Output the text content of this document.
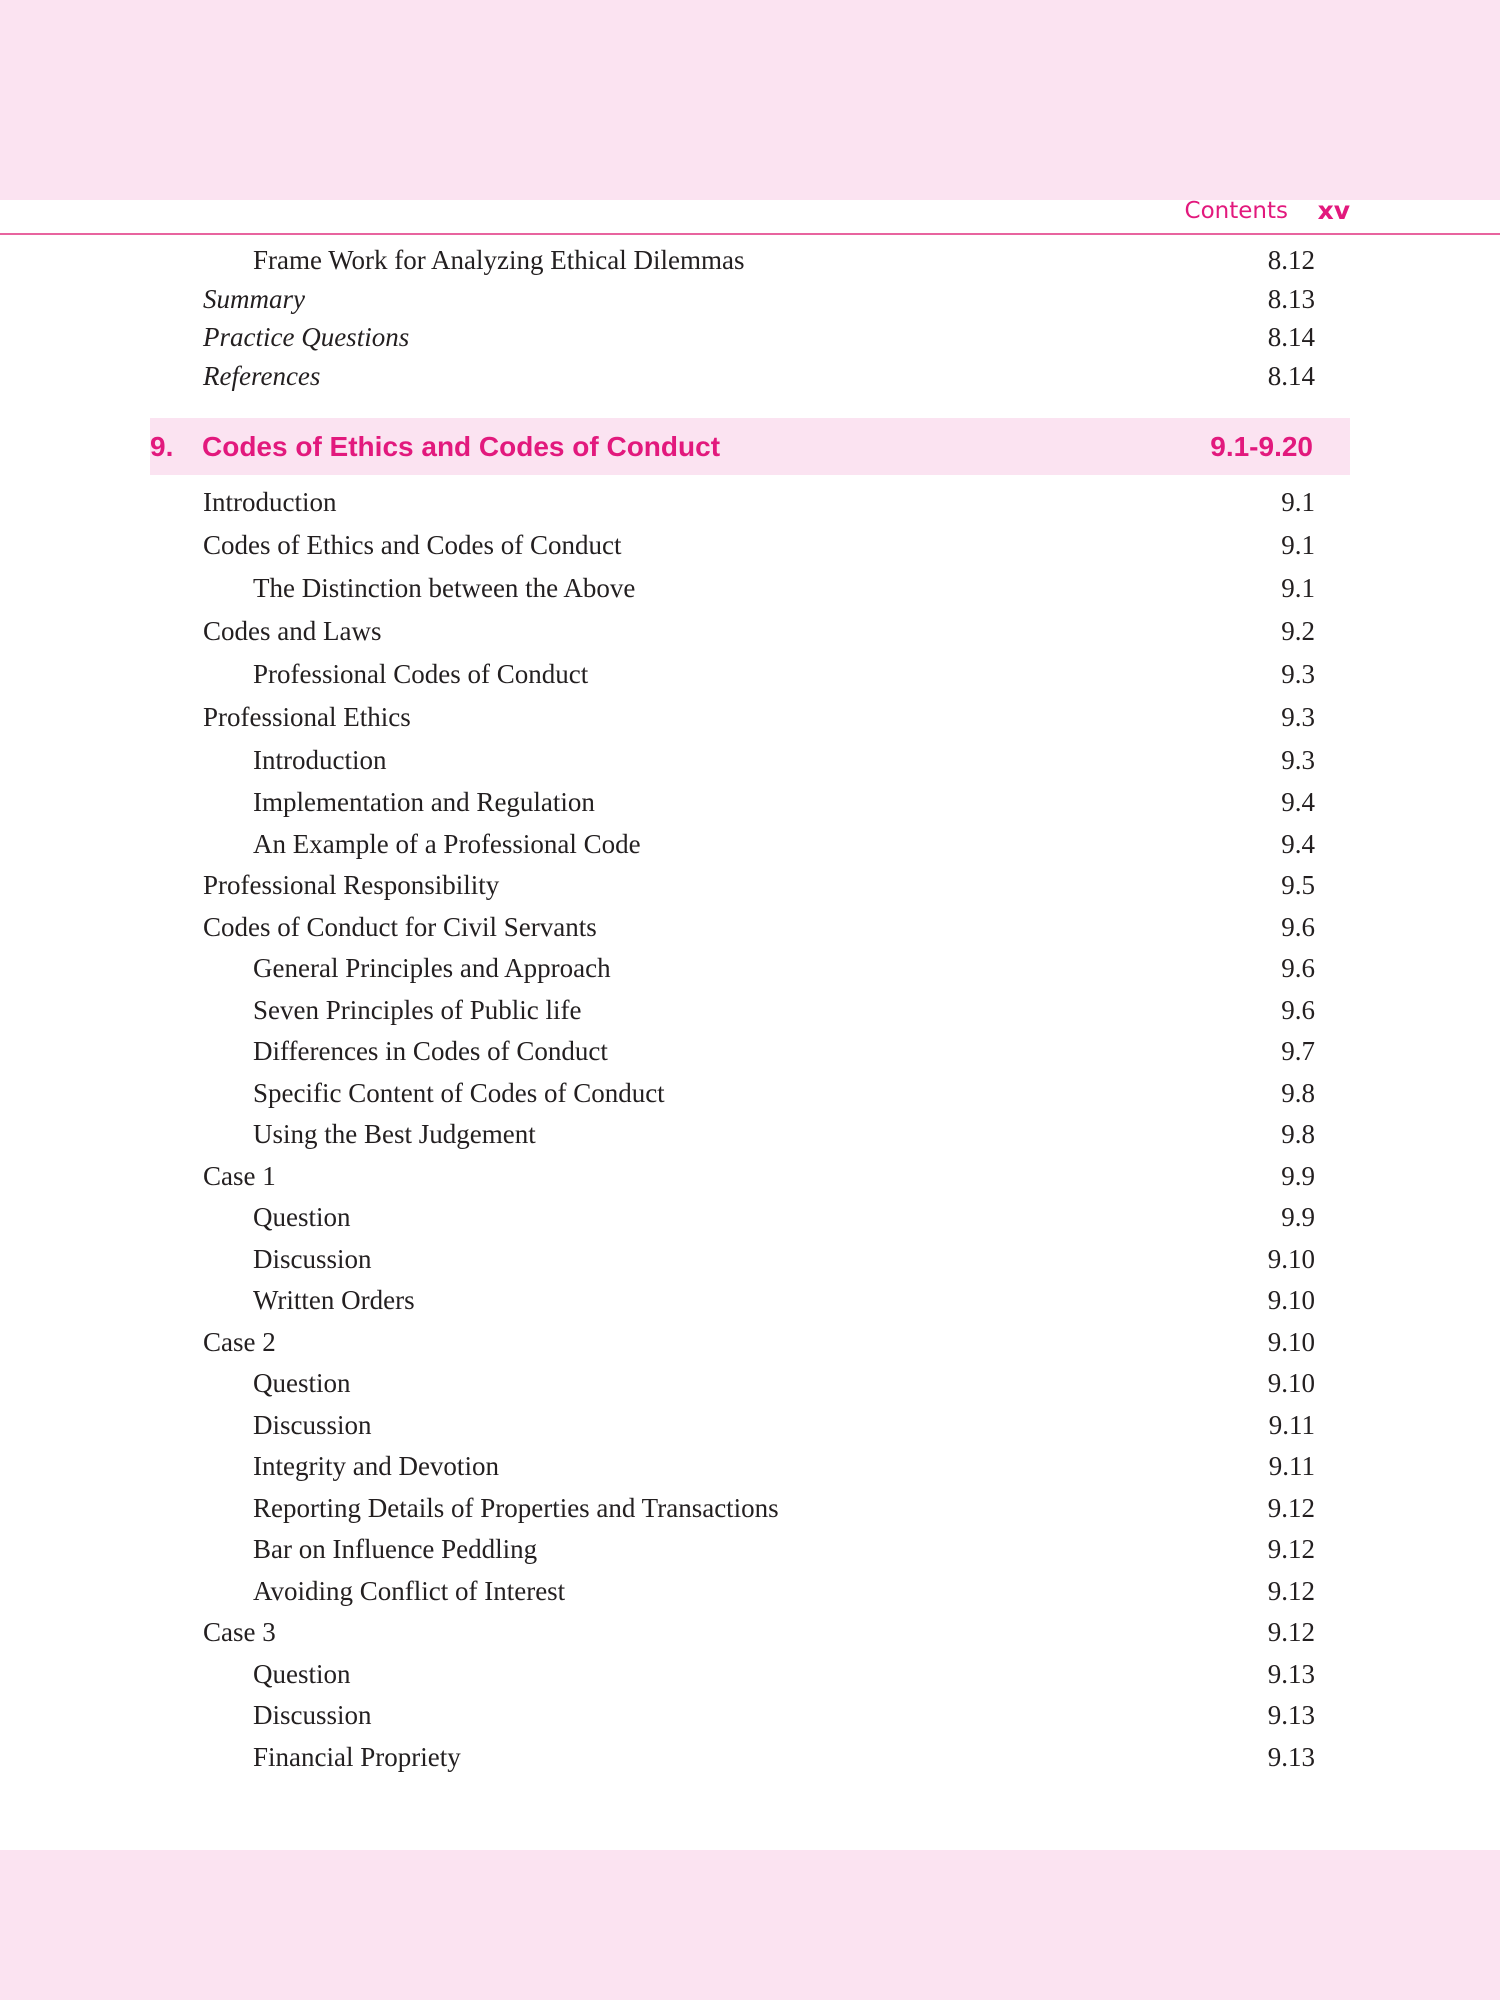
Contents xv
Frame Work for Analyzing Ethical Dilemmas	8.12
Summary	8.13
Practice Questions	8.14
References	8.14
9. Codes of Ethics and Codes of Conduct	9.1-9.20
Introduction	9.1
Codes of Ethics and Codes of Conduct	9.1
The Distinction between the Above	9.1
Codes and Laws	9.2
Professional Codes of Conduct	9.3
Professional Ethics	9.3
Introduction	9.3
Implementation and Regulation	9.4
An Example of a Professional Code	9.4
Professional Responsibility	9.5
Codes of Conduct for Civil Servants	9.6
General Principles and Approach	9.6
Seven Principles of Public life	9.6
Differences in Codes of Conduct	9.7
Specific Content of Codes of Conduct	9.8
Using the Best Judgement	9.8
Case 1	9.9
Question	9.9
Discussion	9.10
Written Orders	9.10
Case 2	9.10
Question	9.10
Discussion	9.11
Integrity and Devotion	9.11
Reporting Details of Properties and Transactions	9.12
Bar on Influence Peddling	9.12
Avoiding Conflict of Interest	9.12
Case 3	9.12
Question	9.13
Discussion	9.13
Financial Propriety	9.13
